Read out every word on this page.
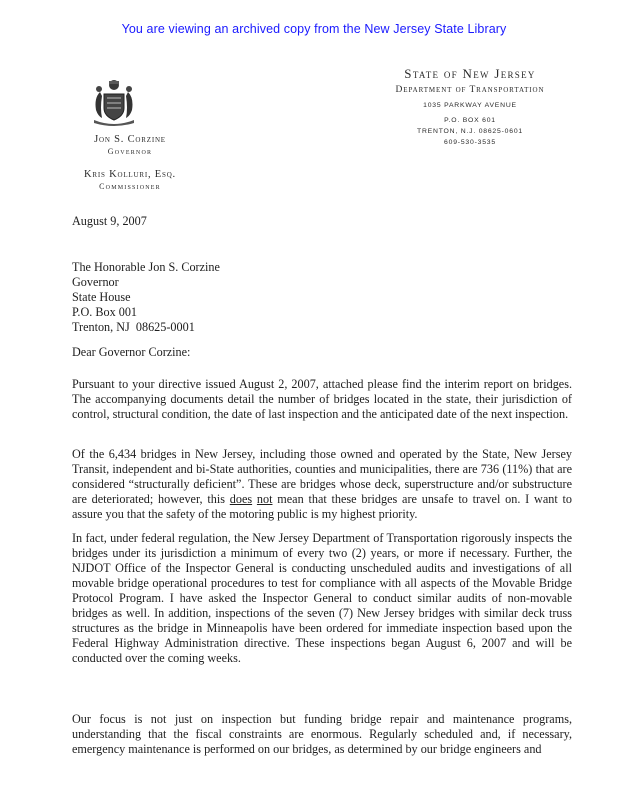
You are viewing an archived copy from the New Jersey State Library
Jon S. Corzine
Governor
Kris Kolluri, Esq.
Commissioner
State of New Jersey
Department of Transportation
1035 PARKWAY AVENUE
P.O. BOX 601
TRENTON, N.J. 08625-0601
609-530-3535
August 9, 2007
The Honorable Jon S. Corzine
Governor
State House
P.O. Box 001
Trenton, NJ  08625-0001
Dear Governor Corzine:
Pursuant to your directive issued August 2, 2007, attached please find the interim report on bridges. The accompanying documents detail the number of bridges located in the state, their jurisdiction of control, structural condition, the date of last inspection and the anticipated date of the next inspection.
Of the 6,434 bridges in New Jersey, including those owned and operated by the State, New Jersey Transit, independent and bi-State authorities, counties and municipalities, there are 736 (11%) that are considered “structurally deficient”. These are bridges whose deck, superstructure and/or substructure are deteriorated; however, this does not mean that these bridges are unsafe to travel on. I want to assure you that the safety of the motoring public is my highest priority.
In fact, under federal regulation, the New Jersey Department of Transportation rigorously inspects the bridges under its jurisdiction a minimum of every two (2) years, or more if necessary. Further, the NJDOT Office of the Inspector General is conducting unscheduled audits and investigations of all movable bridge operational procedures to test for compliance with all aspects of the Movable Bridge Protocol Program. I have asked the Inspector General to conduct similar audits of non-movable bridges as well. In addition, inspections of the seven (7) New Jersey bridges with similar deck truss structures as the bridge in Minneapolis have been ordered for immediate inspection based upon the Federal Highway Administration directive. These inspections began August 6, 2007 and will be conducted over the coming weeks.
Our focus is not just on inspection but funding bridge repair and maintenance programs, understanding that the fiscal constraints are enormous. Regularly scheduled and, if necessary, emergency maintenance is performed on our bridges, as determined by our bridge engineers and
